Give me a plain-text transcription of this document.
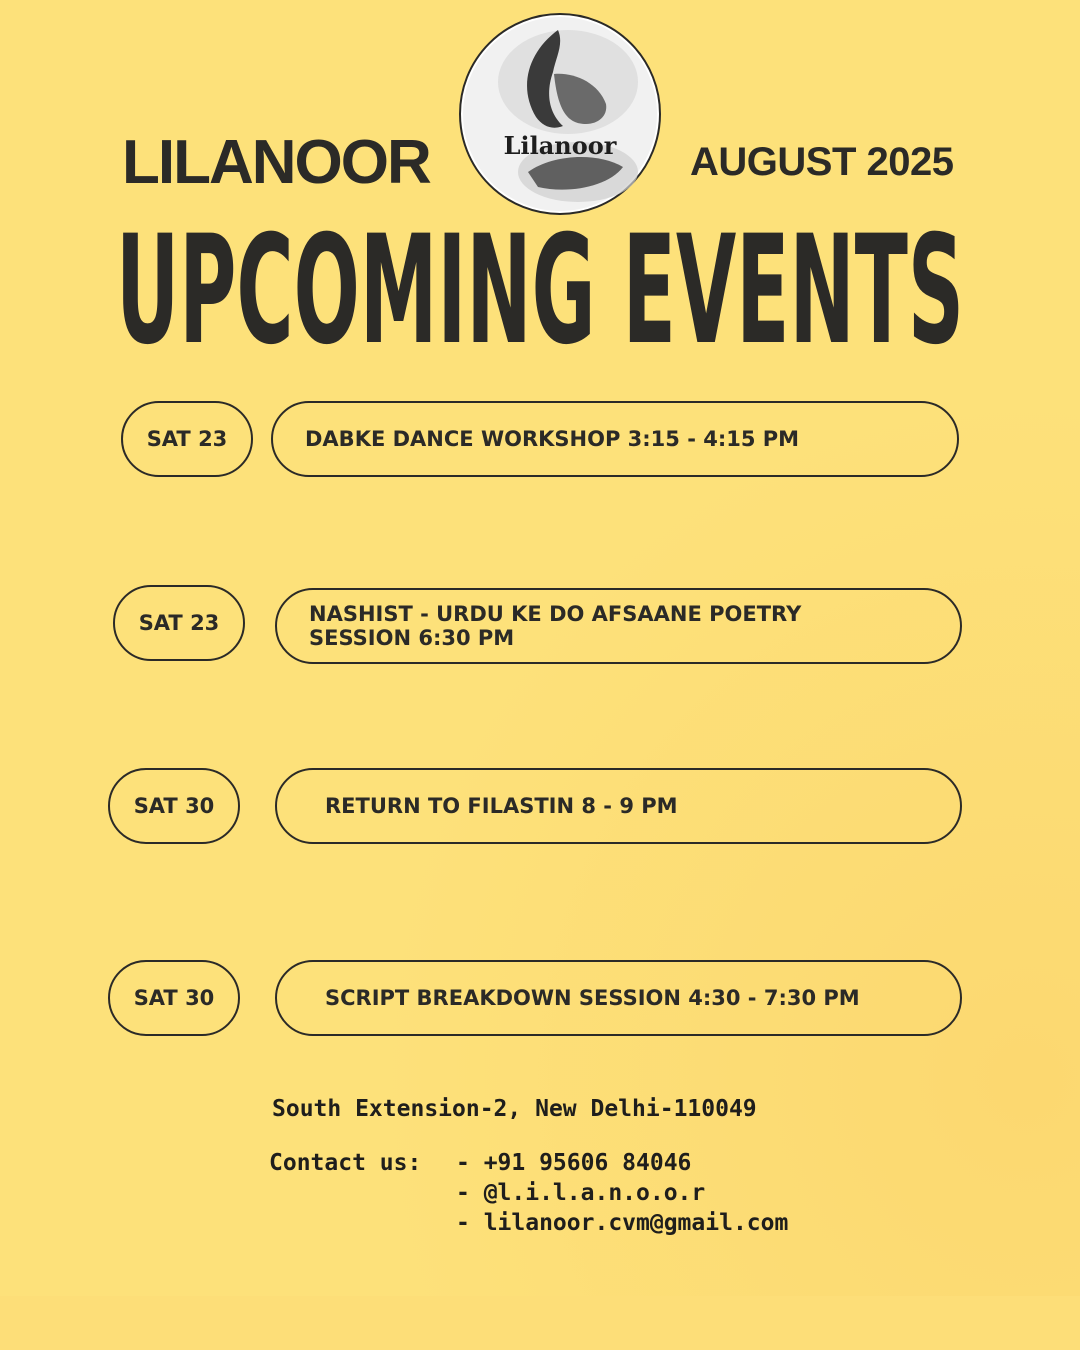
LILANOOR	AUGUST 2025
Lilanoor
UPCOMING EVENTS
SAT 23	DABKE DANCE WORKSHOP 3:15 - 4:15 PM
SAT 23	NASHIST - URDU KE DO AFSAANE POETRY SESSION 6:30 PM
SAT 30	RETURN TO FILASTIN 8 - 9 PM
SAT 30	SCRIPT BREAKDOWN SESSION 4:30 - 7:30 PM
South Extension-2, New Delhi-110049
Contact us: - +91 95606 84046
- @l.i.l.a.n.o.o.r
- lilanoor.cvm@gmail.com
